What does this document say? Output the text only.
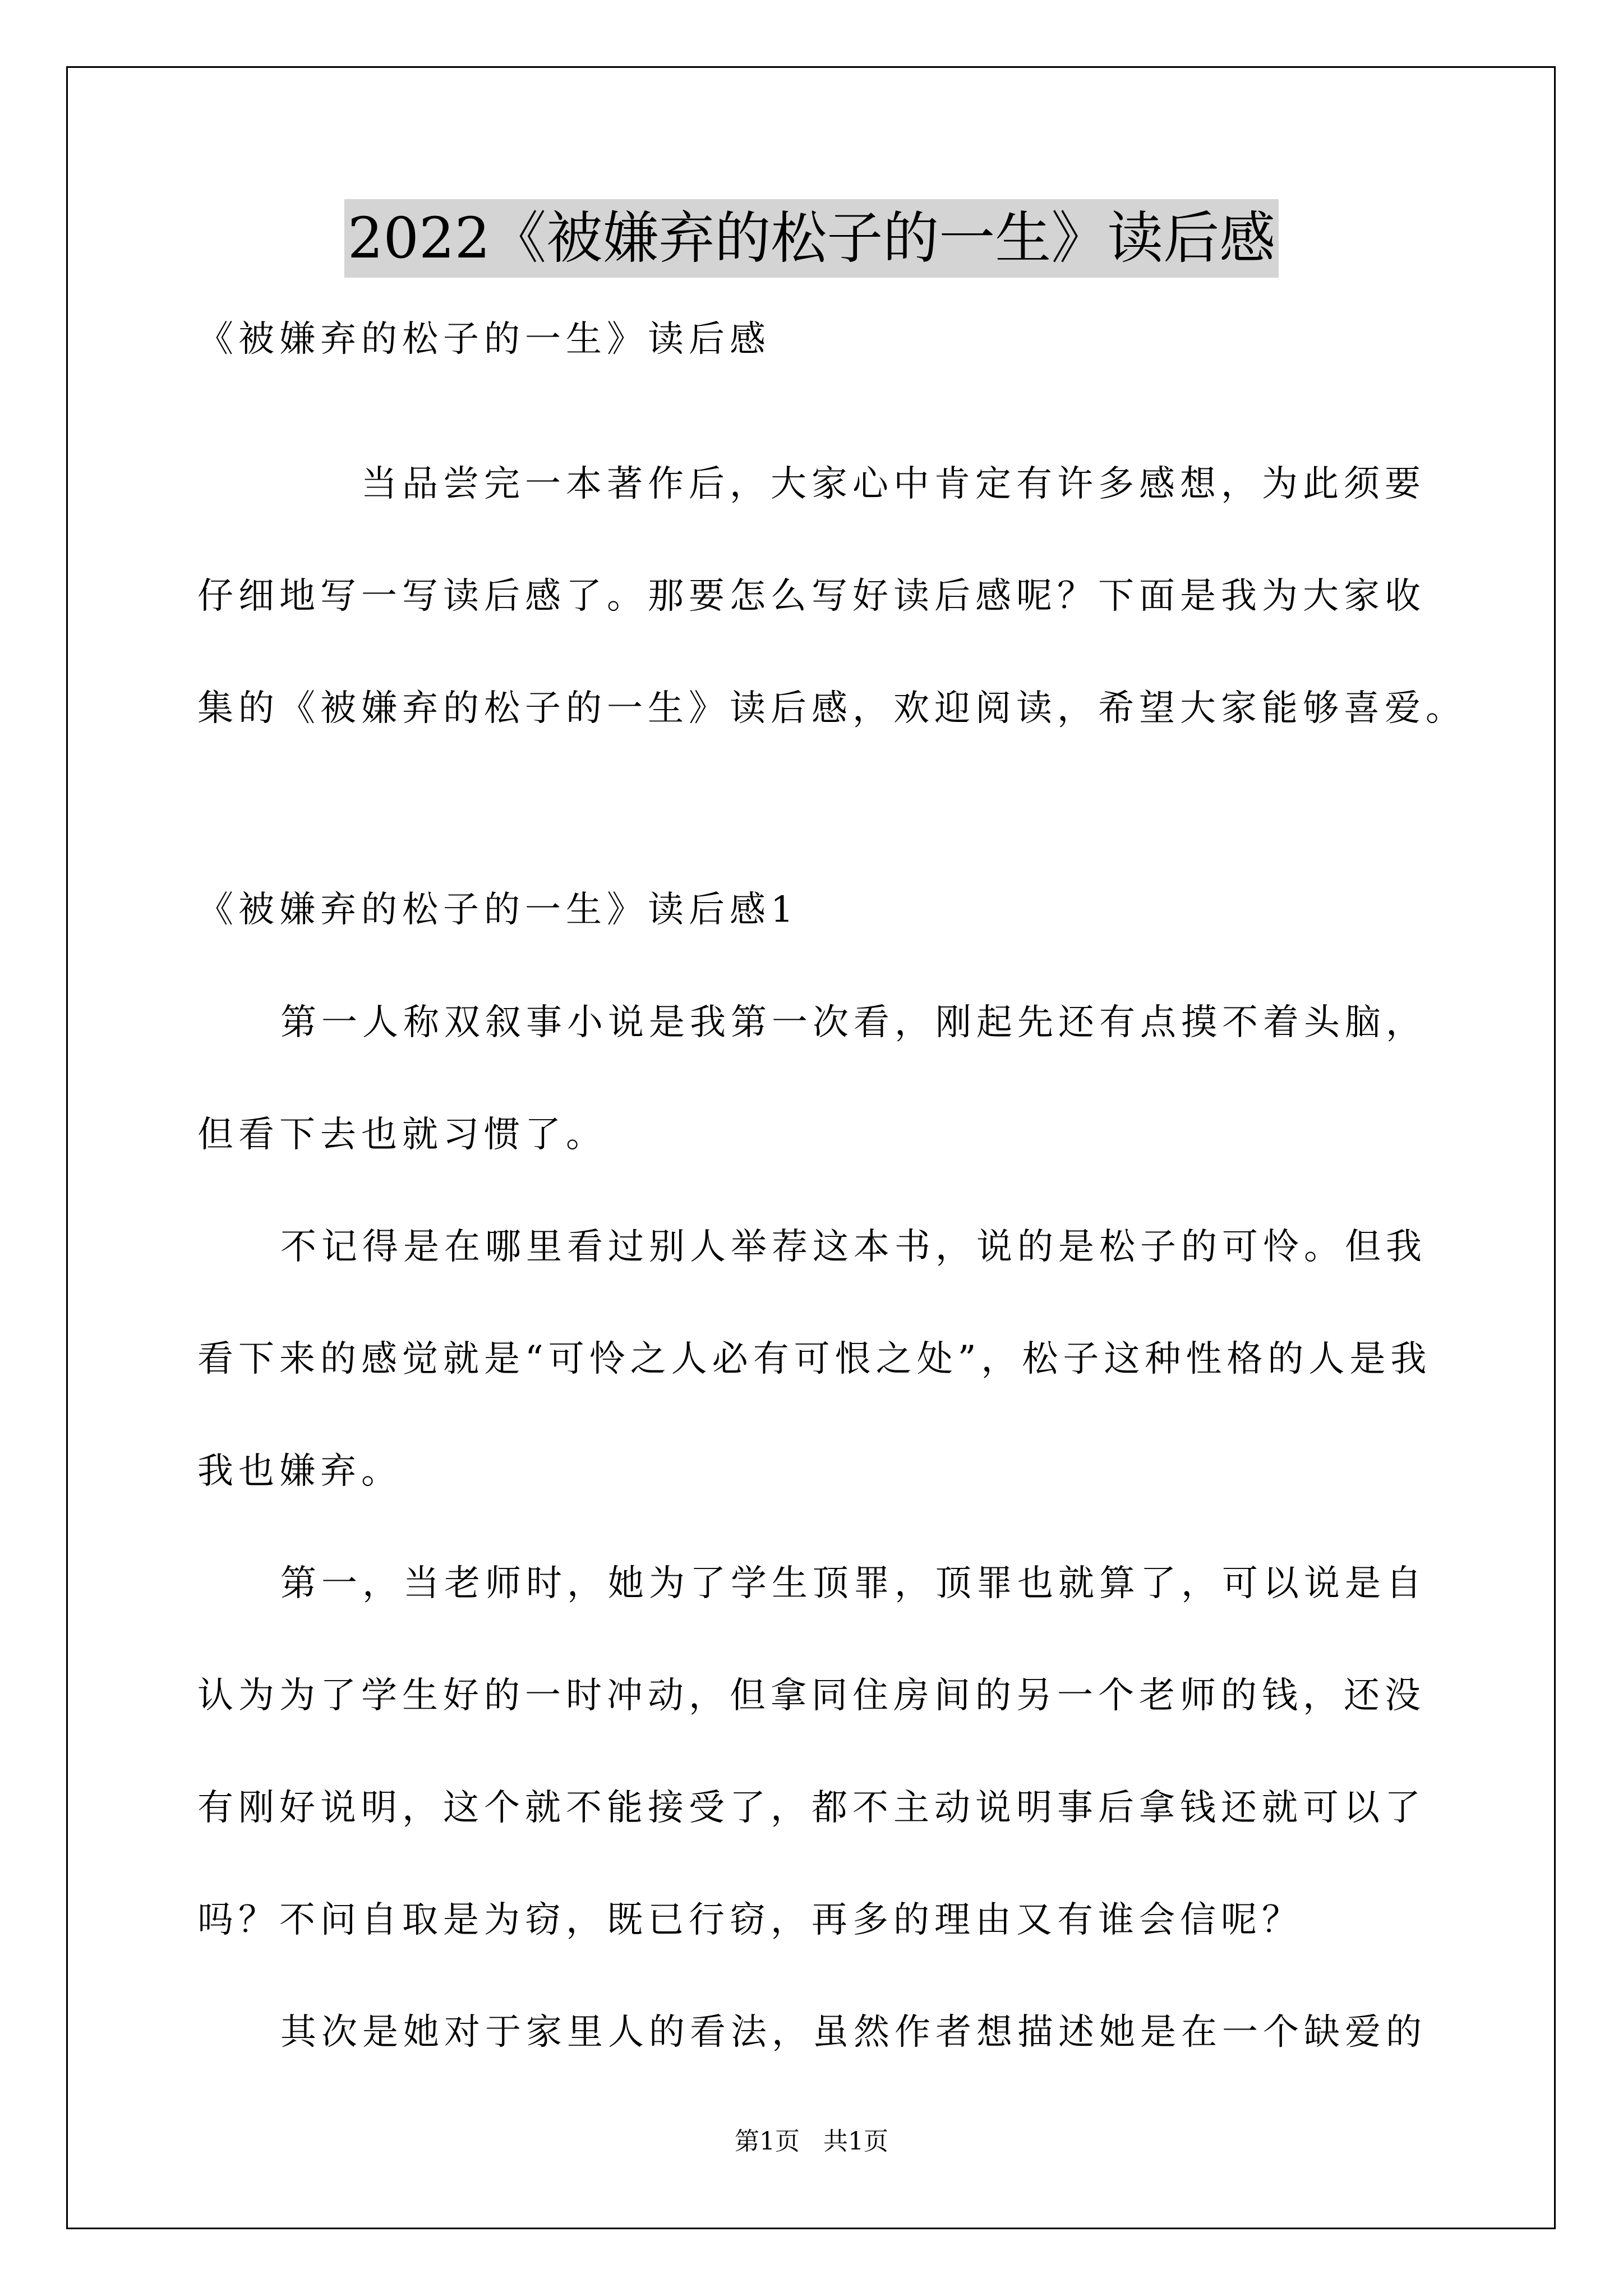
2022《被嫌弃的松子的一生》读后感
《被嫌弃的松子的一生》读后感
当品尝完一本著作后，大家心中肯定有许多感想，为此须要
仔细地写一写读后感了。那要怎么写好读后感呢？下面是我为大家收
集的《被嫌弃的松子的一生》读后感，欢迎阅读，希望大家能够喜爱。
《被嫌弃的松子的一生》读后感1
第一人称双叙事小说是我第一次看，刚起先还有点摸不着头脑，
但看下去也就习惯了。
不记得是在哪里看过别人举荐这本书，说的是松子的可怜。但我
看下来的感觉就是“可怜之人必有可恨之处”，松子这种性格的人是我
我也嫌弃。
第一，当老师时，她为了学生顶罪，顶罪也就算了，可以说是自
认为为了学生好的一时冲动，但拿同住房间的另一个老师的钱，还没
有刚好说明，这个就不能接受了，都不主动说明事后拿钱还就可以了
吗？不问自取是为窃，既已行窃，再多的理由又有谁会信呢？
其次是她对于家里人的看法，虽然作者想描述她是在一个缺爱的
第1页   共1页
